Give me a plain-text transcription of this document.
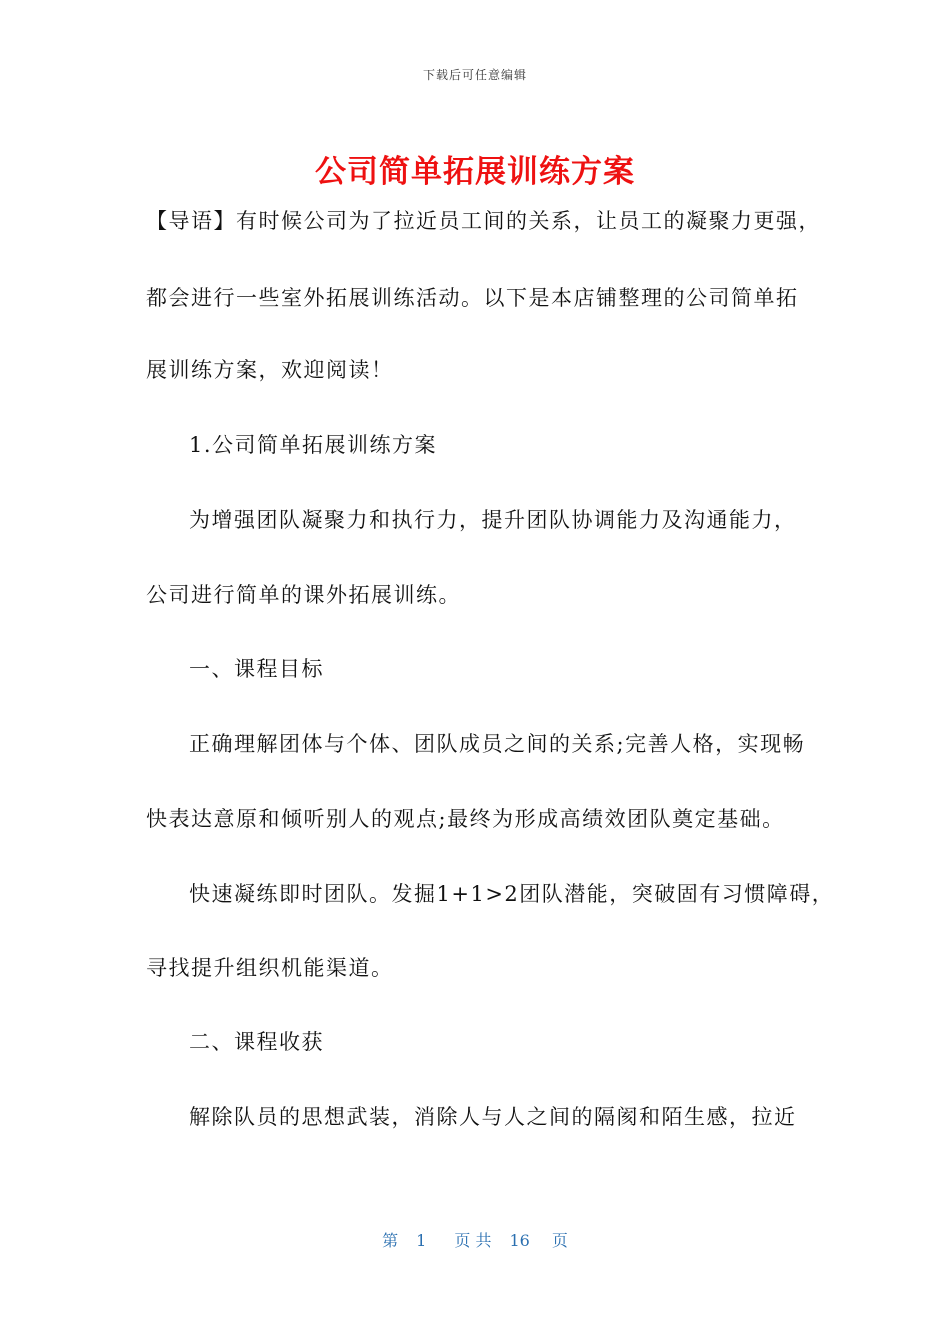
下载后可任意编辑
公司简单拓展训练方案
【导语】有时候公司为了拉近员工间的关系，让员工的凝聚力更强，
都会进行一些室外拓展训练活动。以下是本店铺整理的公司简单拓
展训练方案，欢迎阅读！
1.公司简单拓展训练方案
为增强团队凝聚力和执行力，提升团队协调能力及沟通能力，
公司进行简单的课外拓展训练。
一、课程目标
正确理解团体与个体、团队成员之间的关系;完善人格，实现畅
快表达意原和倾听别人的观点;最终为形成高绩效团队奠定基础。
快速凝练即时团队。发掘1+1>2团队潜能，突破固有习惯障碍，
寻找提升组织机能渠道。
二、课程收获
解除队员的思想武装，消除人与人之间的隔阂和陌生感，拉近
第 1 页 共 16 页
